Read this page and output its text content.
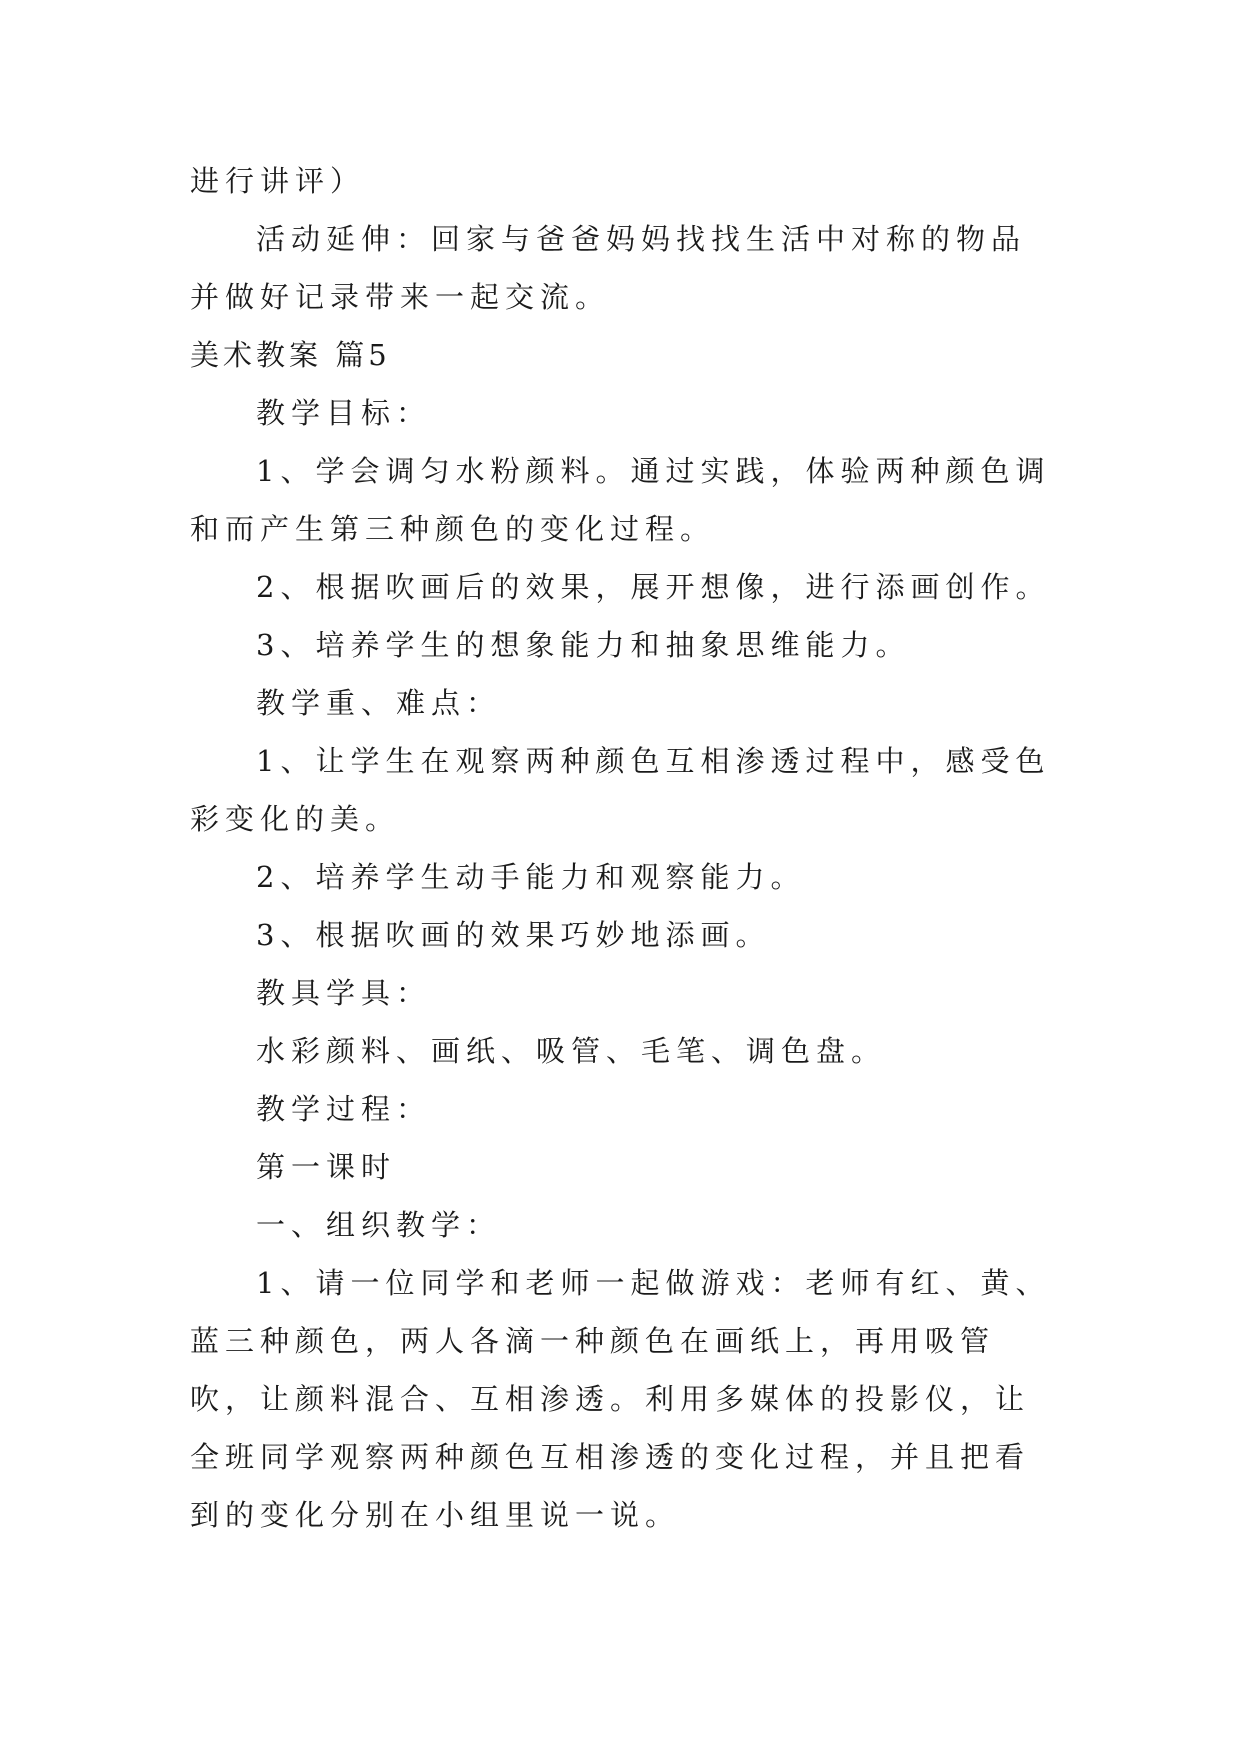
进行讲评）

活动延伸：回家与爸爸妈妈找找生活中对称的物品并做好记录带来一起交流。

美术教案 篇5

教学目标：

1、学会调匀水粉颜料。通过实践，体验两种颜色调和而产生第三种颜色的变化过程。

2、根据吹画后的效果，展开想像，进行添画创作。

3、培养学生的想象能力和抽象思维能力。

教学重、难点：

1、让学生在观察两种颜色互相渗透过程中，感受色彩变化的美。

2、培养学生动手能力和观察能力。

3、根据吹画的效果巧妙地添画。

教具学具：

水彩颜料、画纸、吸管、毛笔、调色盘。

教学过程：

第一课时

一、组织教学：

1、请一位同学和老师一起做游戏：老师有红、黄、蓝三种颜色，两人各滴一种颜色在画纸上，再用吸管吹，让颜料混合、互相渗透。利用多媒体的投影仪，让全班同学观察两种颜色互相渗透的变化过程，并且把看到的变化分别在小组里说一说。
